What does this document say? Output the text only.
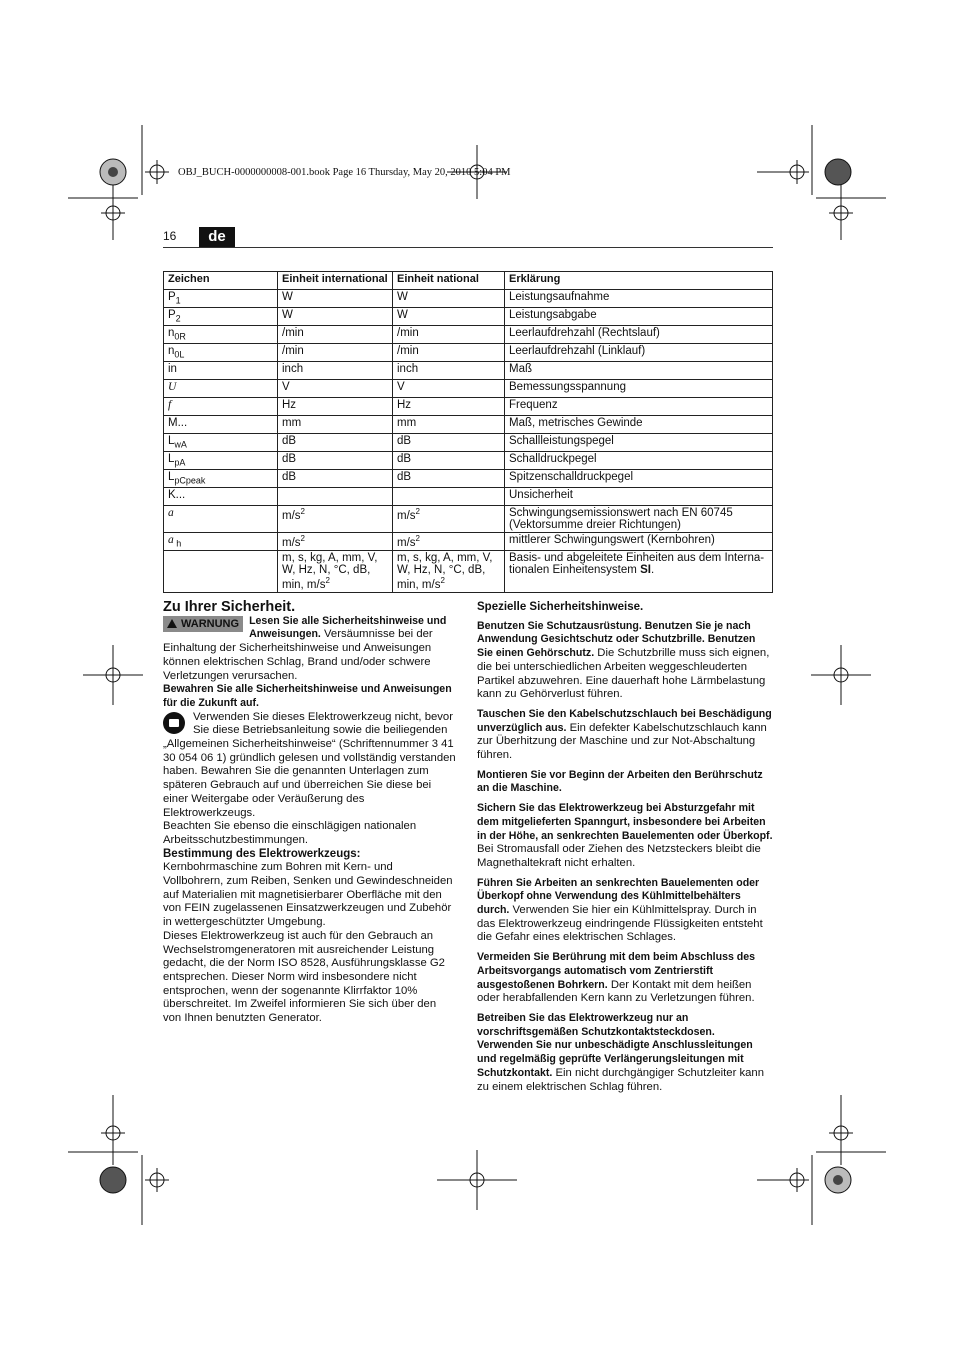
OBJ_BUCH-0000000008-001.book Page 16 Thursday, May 20, 2010 5:04 PM
16	de
Zeichen	Einheit international	Einheit national	Erklärung
$P_1$	W	W	Leistungsaufnahme
$P_2$	W	W	Leistungsabgabe
$n_{0R}$	/min	/min	Leerlaufdrehzahl (Rechtslauf)
$n_{0L}$	/min	/min	Leerlaufdrehzahl (Linklauf)
in	inch	inch	Maß
U	V	V	Bemessungsspannung
f	Hz	Hz	Frequenz
M...	mm	mm	Maß, metrisches Gewinde
$L_{wA}$	dB	dB	Schallleistungspegel
$L_{pA}$	dB	dB	Schalldruckpegel
$L_{pCpeak}$	dB	dB	Spitzenschalldruckpegel
K...			Unsicherheit
a	$m/s^2$	$m/s^2$	Schwingungsemissionswert nach EN 60745 (Vektorsumme dreier Richtungen)
a $_h$	$m/s^2$	$m/s^2$	mittlerer Schwingungswert (Kernbohren)
	m, s, kg, A, mm, V, W, Hz, N, °C, dB, min, $m/s^2$	m, s, kg, A, mm, V, W, Hz, N, °C, dB, min, $m/s^2$	Basis- und abgeleitete Einheiten aus dem Interna-tionalen Einheitensystem SI.

Zu Ihrer Sicherheit.

WARNUNG Lesen Sie alle Sicherheitshinweise und Anweisungen. Versäumnisse bei der Einhaltung der Sicherheitshinweise und Anweisungen können elektrischen Schlag, Brand und/oder schwere Verletzungen verursachen.

Bewahren Sie alle Sicherheitshinweise und Anweisungen für die Zukunft auf.

Verwenden Sie dieses Elektrowerkzeug nicht, bevor Sie diese Betriebsanleitung sowie die beiliegenden „Allgemeinen Sicherheitshinweise“ (Schriftennummer 3 41 30 054 06 1) gründlich gelesen und vollständig verstanden haben. Bewahren Sie die genannten Unterlagen zum späteren Gebrauch auf und überreichen Sie diese bei einer Weitergabe oder Veräußerung des Elektrowerkzeugs.

Beachten Sie ebenso die einschlägigen nationalen Arbeitsschutzbestimmungen.

Bestimmung des Elektrowerkzeugs:

Kernbohrmaschine zum Bohren mit Kern- und Vollbohrern, zum Reiben, Senken und Gewindeschneiden auf Materialien mit magnetisierbarer Oberfläche mit den von FEIN zugelassenen Einsatzwerkzeugen und Zubehör in wettergeschützter Umgebung.

Dieses Elektrowerkzeug ist auch für den Gebrauch an Wechselstromgeneratoren mit ausreichender Leistung gedacht, die der Norm ISO 8528, Ausführungsklasse G2 entsprechen. Dieser Norm wird insbesondere nicht entsprochen, wenn der sogenannte Klirrfaktor 10% überschreitet. Im Zweifel informieren Sie sich über den von Ihnen benutzten Generator.

Spezielle Sicherheitshinweise.

Benutzen Sie Schutzausrüstung. Benutzen Sie je nach Anwendung Gesichtschutz oder Schutzbrille. Benutzen Sie einen Gehörschutz. Die Schutzbrille muss sich eignen, die bei unterschiedlichen Arbeiten weggeschleuderten Partikel abzuwehren. Eine dauerhaft hohe Lärmbelastung kann zu Gehörverlust führen.

Tauschen Sie den Kabelschutzschlauch bei Beschädigung unverzüglich aus. Ein defekter Kabelschutzschlauch kann zur Überhitzung der Maschine und zur Not-Abschaltung führen.

Montieren Sie vor Beginn der Arbeiten den Berührschutz an die Maschine.

Sichern Sie das Elektrowerkzeug bei Absturzgefahr mit dem mitgelieferten Spanngurt, insbesondere bei Arbeiten in der Höhe, an senkrechten Bauelementen oder Überkopf. Bei Stromausfall oder Ziehen des Netzsteckers bleibt die Magnethaltekraft nicht erhalten.

Führen Sie Arbeiten an senkrechten Bauelementen oder Überkopf ohne Verwendung des Kühlmittelbehälters durch. Verwenden Sie hier ein Kühlmittelspray. Durch in das Elektrowerkzeug eindringende Flüssigkeiten entsteht die Gefahr eines elektrischen Schlages.

Vermeiden Sie Berührung mit dem beim Abschluss des Arbeitsvorgangs automatisch vom Zentrierstift ausgestoßenen Bohrkern. Der Kontakt mit dem heißen oder herabfallenden Kern kann zu Verletzungen führen.

Betreiben Sie das Elektrowerkzeug nur an vorschriftsgemäßen Schutzkontaktsteckdosen. Verwenden Sie nur unbeschädigte Anschlussleitungen und regelmäßig geprüfte Verlängerungsleitungen mit Schutzkontakt. Ein nicht durchgängiger Schutzleiter kann zu einem elektrischen Schlag führen.
